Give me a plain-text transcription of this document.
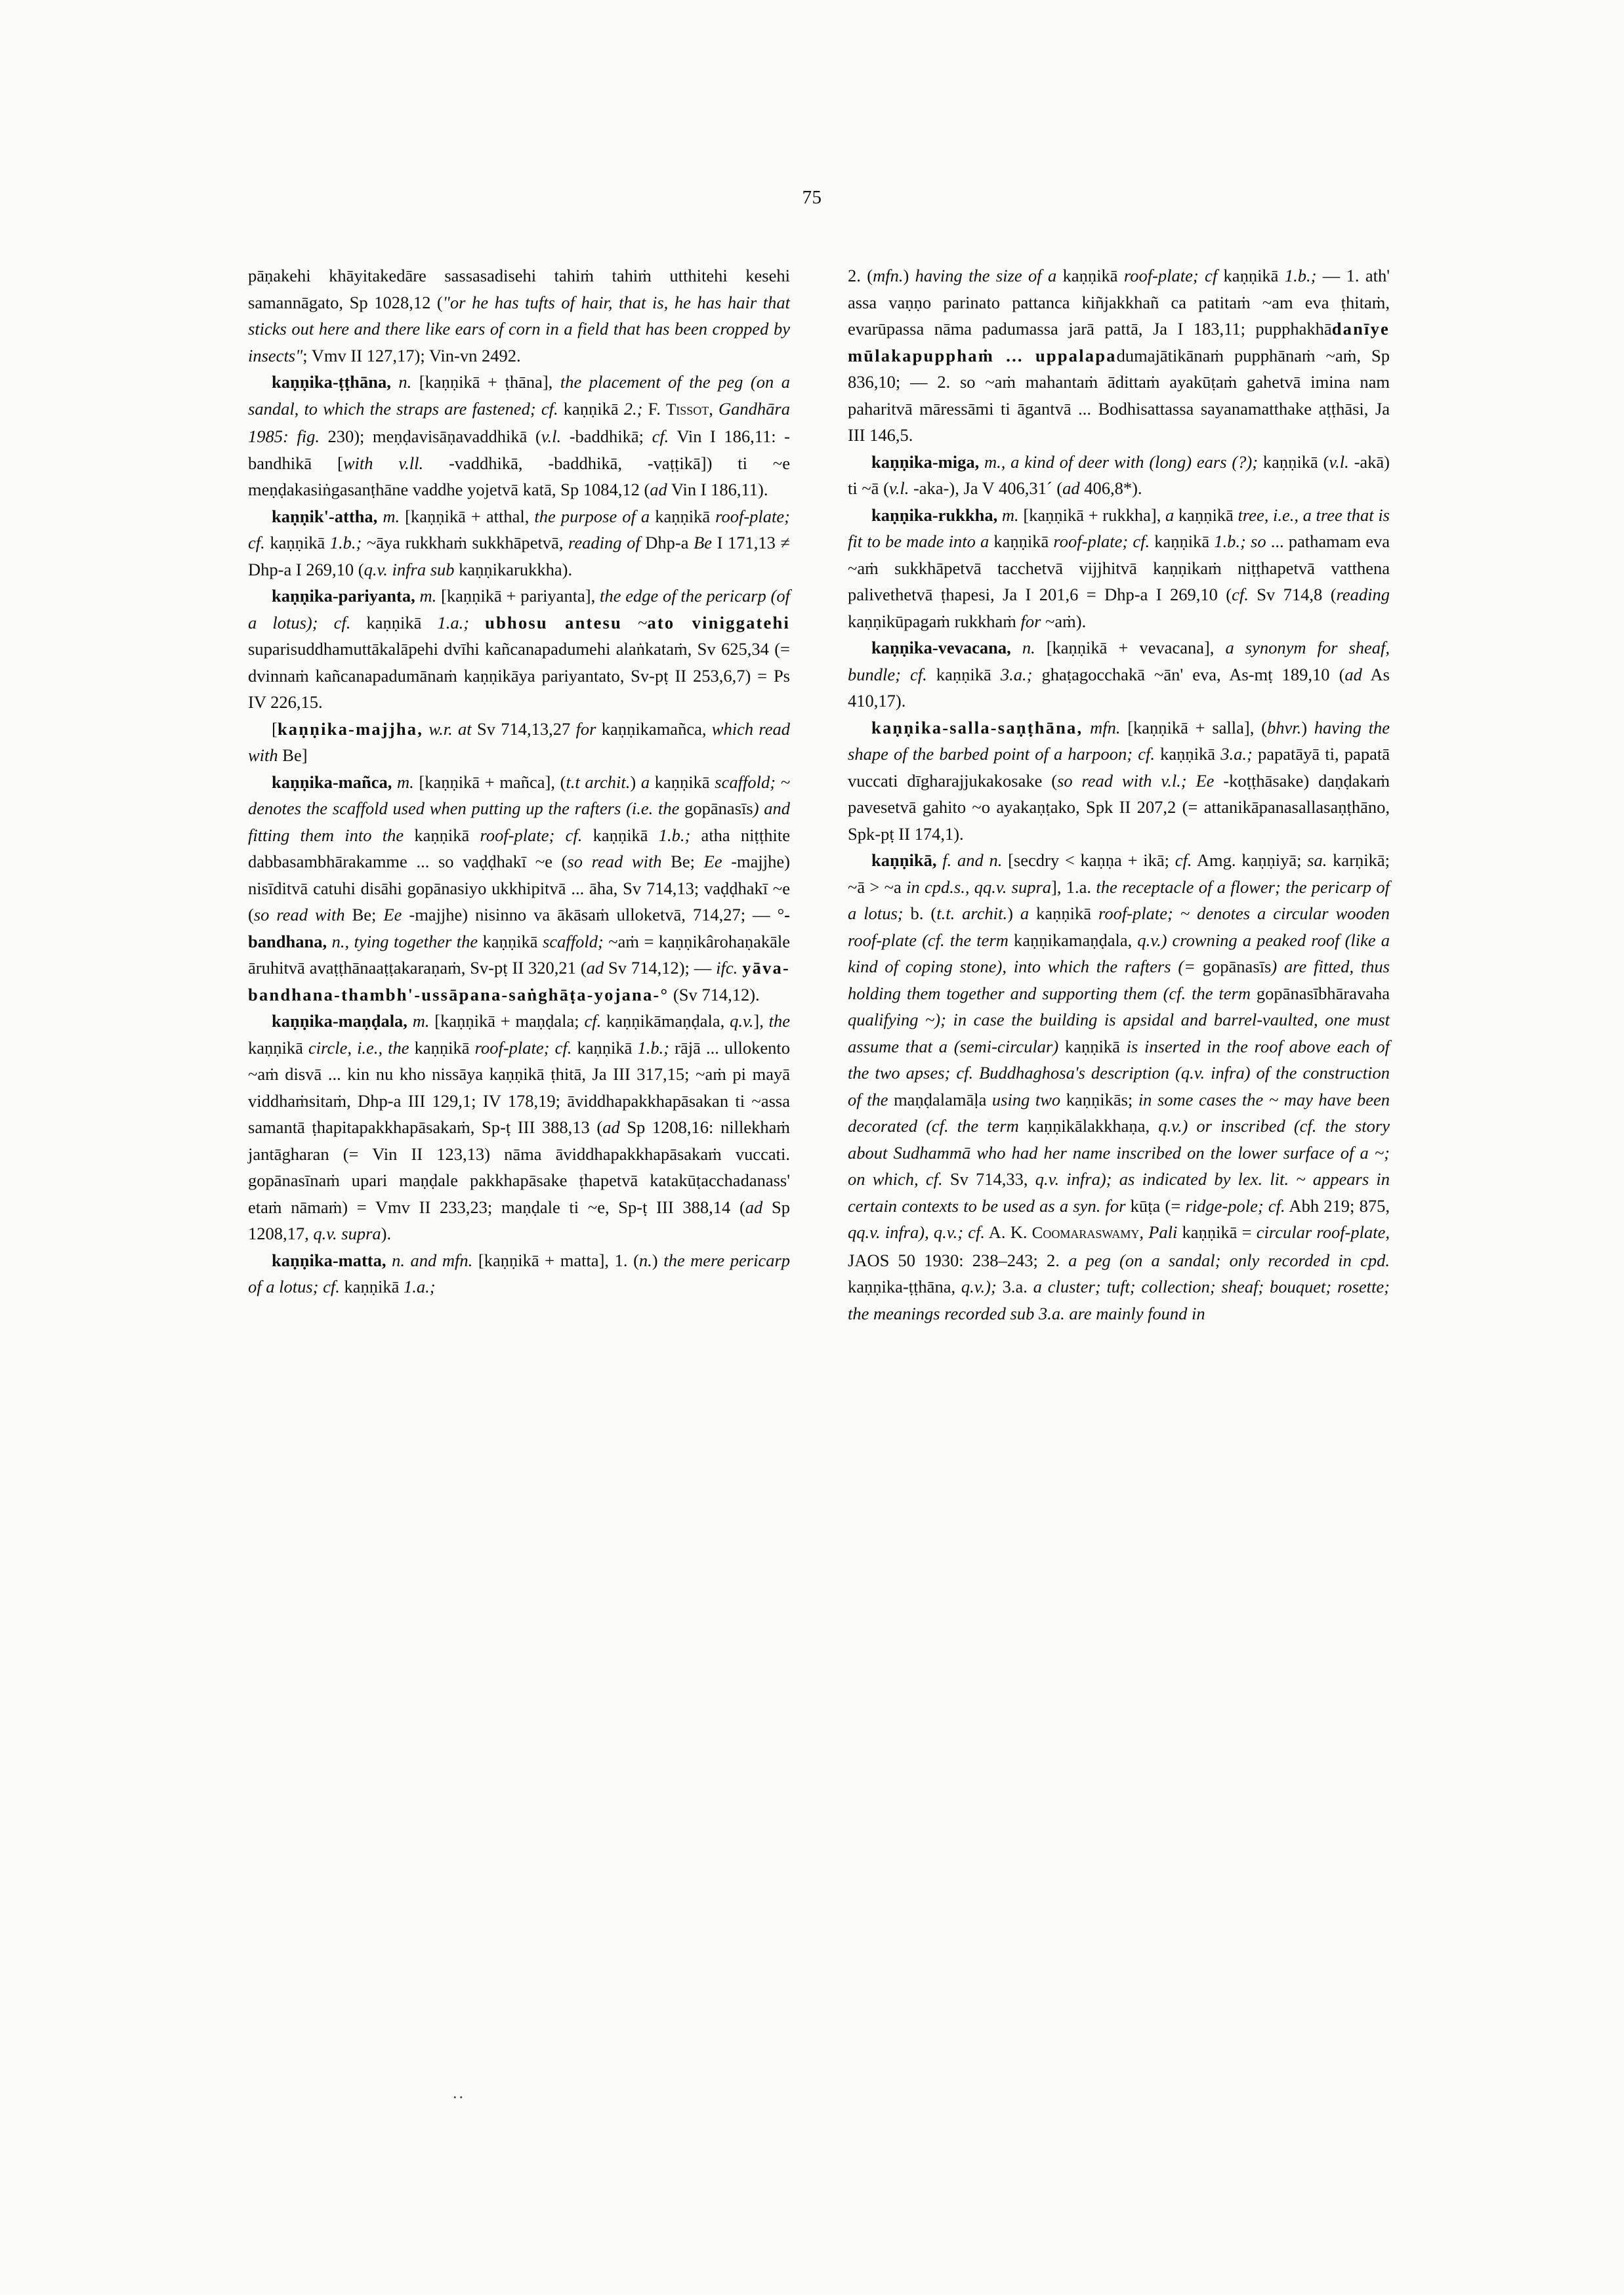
75

pāṇakehi khāyitakedāre sassasadisehi tahiṁ tahiṁ utthitehi kesehi samannāgato, Sp 1028,12 ("or he has tufts of hair, that is, he has hair that sticks out here and there like ears of corn in a field that has been cropped by insects"; Vmv II 127,17); Vin-vn 2492.

kaṇṇika-ṭṭhāna, n. [kaṇṇikā + ṭhāna], the placement of the peg (on a sandal, to which the straps are fastened; cf. kaṇṇikā 2.; F. Tissot, Gandhāra 1985: fig. 230); meṇḍavisāṇavaddhikā (v.l. -baddhikā; cf. Vin I 186,11: -bandhikā [with v.ll. -vaddhikā, -baddhikā, -vaṭṭikā]) ti ~e meṇḍakasiṅgasanṭhāne vaddhe yojetvā katā, Sp 1084,12 (ad Vin I 186,11).

kaṇṇik'-attha, m. [kaṇṇikā + atthal, the purpose of a kaṇṇikā roof-plate; cf. kaṇṇikā 1.b.; ~āya rukkhaṁ sukkhāpetvā, reading of Dhp-a Be I 171,13 ≠ Dhp-a I 269,10 (q.v. infra sub kaṇṇikarukkha).

kaṇṇika-pariyanta, m. [kaṇṇikā + pariyanta], the edge of the pericarp (of a lotus); cf. kaṇṇikā 1.a.; ubhosu antesu ~ato viniggatehi suparisuddhamuttākalāpehi dvīhi kañcanapadumehi alaṅkataṁ, Sv 625,34 (= dvinnaṁ kañcanapadumānaṁ kaṇṇikāya pariyantato, Sv-pṭ II 253,6,7) = Ps IV 226,15.

[kaṇṇika-majjha, w.r. at Sv 714,13,27 for kaṇṇikamañca, which read with Be]

kaṇṇika-mañca, m. [kaṇṇikā + mañca], (t.t archit.) a kaṇṇikā scaffold; ~ denotes the scaffold used when putting up the rafters (i.e. the gopānasīs) and fitting them into the kaṇṇikā roof-plate; cf. kaṇṇikā 1.b.; atha niṭṭhite dabbasambhārakamme ... so vaḍḍhakī ~e (so read with Be; Ee -majjhe) nisīditvā catuhi disāhi gopānasiyo ukkhipitvā ... āha, Sv 714,13; vaḍḍhakī ~e (so read with Be; Ee -majjhe) nisinno va ākāsaṁ ulloketvā, 714,27; — °-bandhana, n., tying together the kaṇṇikā scaffold; ~aṁ = kaṇṇikârohaṇakāle āruhitvā avaṭṭhānaaṭṭakaraṇaṁ, Sv-pṭ II 320,21 (ad Sv 714,12); — ifc. yāva-bandhana-thambh'-ussāpana-saṅghāṭa-yojana-° (Sv 714,12).

kaṇṇika-maṇḍala, m. [kaṇṇikā + maṇḍala; cf. kaṇṇikāmaṇḍala, q.v.], the kaṇṇikā circle, i.e., the kaṇṇikā roof-plate; cf. kaṇṇikā 1.b.; rājā ... ullokento ~aṁ disvā ... kin nu kho nissāya kaṇṇikā ṭhitā, Ja III 317,15; ~aṁ pi mayā viddhaṁsitaṁ, Dhp-a III 129,1; IV 178,19; āviddhapakkhapāsakan ti ~assa samantā ṭhapitapakkhapāsakaṁ, Sp-ṭ III 388,13 (ad Sp 1208,16: nillekhaṁ jantāgharan (= Vin II 123,13) nāma āviddhapakkhapāsakaṁ vuccati. gopānasīnaṁ upari maṇḍale pakkhapāsake ṭhapetvā katakūṭacchadanass' etaṁ nāmaṁ) = Vmv II 233,23; maṇḍale ti ~e, Sp-ṭ III 388,14 (ad Sp 1208,17, q.v. supra).

kaṇṇika-matta, n. and mfn. [kaṇṇikā + matta], 1. (n.) the mere pericarp of a lotus; cf. kaṇṇikā 1.a.;

2. (mfn.) having the size of a kaṇṇikā roof-plate; cf kaṇṇikā 1.b.; — 1. ath' assa vaṇṇo parinato pattanca kiñjakkhañ ca patitaṁ ~am eva ṭhitaṁ, evarūpassa nāma padumassa jarā pattā, Ja I 183,11; pupphakhādanīye mūlakapupphaṁ ... uppalapadumajātikānaṁ pupphānaṁ ~aṁ, Sp 836,10; — 2. so ~aṁ mahantaṁ ādittaṁ ayakūṭaṁ gahetvā imina nam paharitvā māressāmi ti āgantvā ... Bodhisattassa sayanamatthake aṭṭhāsi, Ja III 146,5.

kaṇṇika-miga, m., a kind of deer with (long) ears (?); kaṇṇikā (v.l. -akā) ti ~ā (v.l. -aka-), Ja V 406,31´ (ad 406,8*).

kaṇṇika-rukkha, m. [kaṇṇikā + rukkha], a kaṇṇikā tree, i.e., a tree that is fit to be made into a kaṇṇikā roof-plate; cf. kaṇṇikā 1.b.; so ... pathamam eva ~aṁ sukkhāpetvā tacchetvā vijjhitvā kaṇṇikaṁ niṭṭhapetvā vatthena palivethetvā ṭhapesi, Ja I 201,6 = Dhp-a I 269,10 (cf. Sv 714,8 (reading kaṇṇikūpagaṁ rukkhaṁ for ~aṁ).

kaṇṇika-vevacana, n. [kaṇṇikā + vevacana], a synonym for sheaf, bundle; cf. kaṇṇikā 3.a.; ghaṭagocchakā ~ān' eva, As-mṭ 189,10 (ad As 410,17).

kaṇṇika-salla-saṇṭhāna, mfn. [kaṇṇikā + salla], (bhvr.) having the shape of the barbed point of a harpoon; cf. kaṇṇikā 3.a.; papatāyā ti, papatā vuccati dīgharajjukakosake (so read with v.l.; Ee -koṭṭhāsake) daṇḍakaṁ pavesetvā gahito ~o ayakaṇṭako, Spk II 207,2 (= attanikāpanasallasaṇṭhāno, Spk-pṭ II 174,1).

kaṇṇikā, f. and n. [secdry < kaṇṇa + ikā; cf. Amg. kaṇṇiyā; sa. karṇikā; ~ā > ~a in cpd.s., qq.v. supra], 1.a. the receptacle of a flower; the pericarp of a lotus; b. (t.t. archit.) a kaṇṇikā roof-plate; ~ denotes a circular wooden roof-plate (cf. the term kaṇṇikamaṇḍala, q.v.) crowning a peaked roof (like a kind of coping stone), into which the rafters (= gopānasīs) are fitted, thus holding them together and supporting them (cf. the term gopānasībhāravaha qualifying ~); in case the building is apsidal and barrel-vaulted, one must assume that a (semi-circular) kaṇṇikā is inserted in the roof above each of the two apses; cf. Buddhaghosa's description (q.v. infra) of the construction of the maṇḍalamāḷa using two kaṇṇikās; in some cases the ~ may have been decorated (cf. the term kaṇṇikālakkhaṇa, q.v.) or inscribed (cf. the story about Sudhammā who had her name inscribed on the lower surface of a ~; on which, cf. Sv 714,33, q.v. infra); as indicated by lex. lit. ~ appears in certain contexts to be used as a syn. for kūṭa (= ridge-pole; cf. Abh 219; 875, qq.v. infra), q.v.; cf. A. K. Coomaraswamy, Pali kaṇṇikā = circular roof-plate, JAOS 50 1930: 238–243; 2. a peg (on a sandal; only recorded in cpd. kaṇṇika-ṭṭhāna, q.v.); 3.a. a cluster; tuft; collection; sheaf; bouquet; rosette; the meanings recorded sub 3.a. are mainly found in

..
